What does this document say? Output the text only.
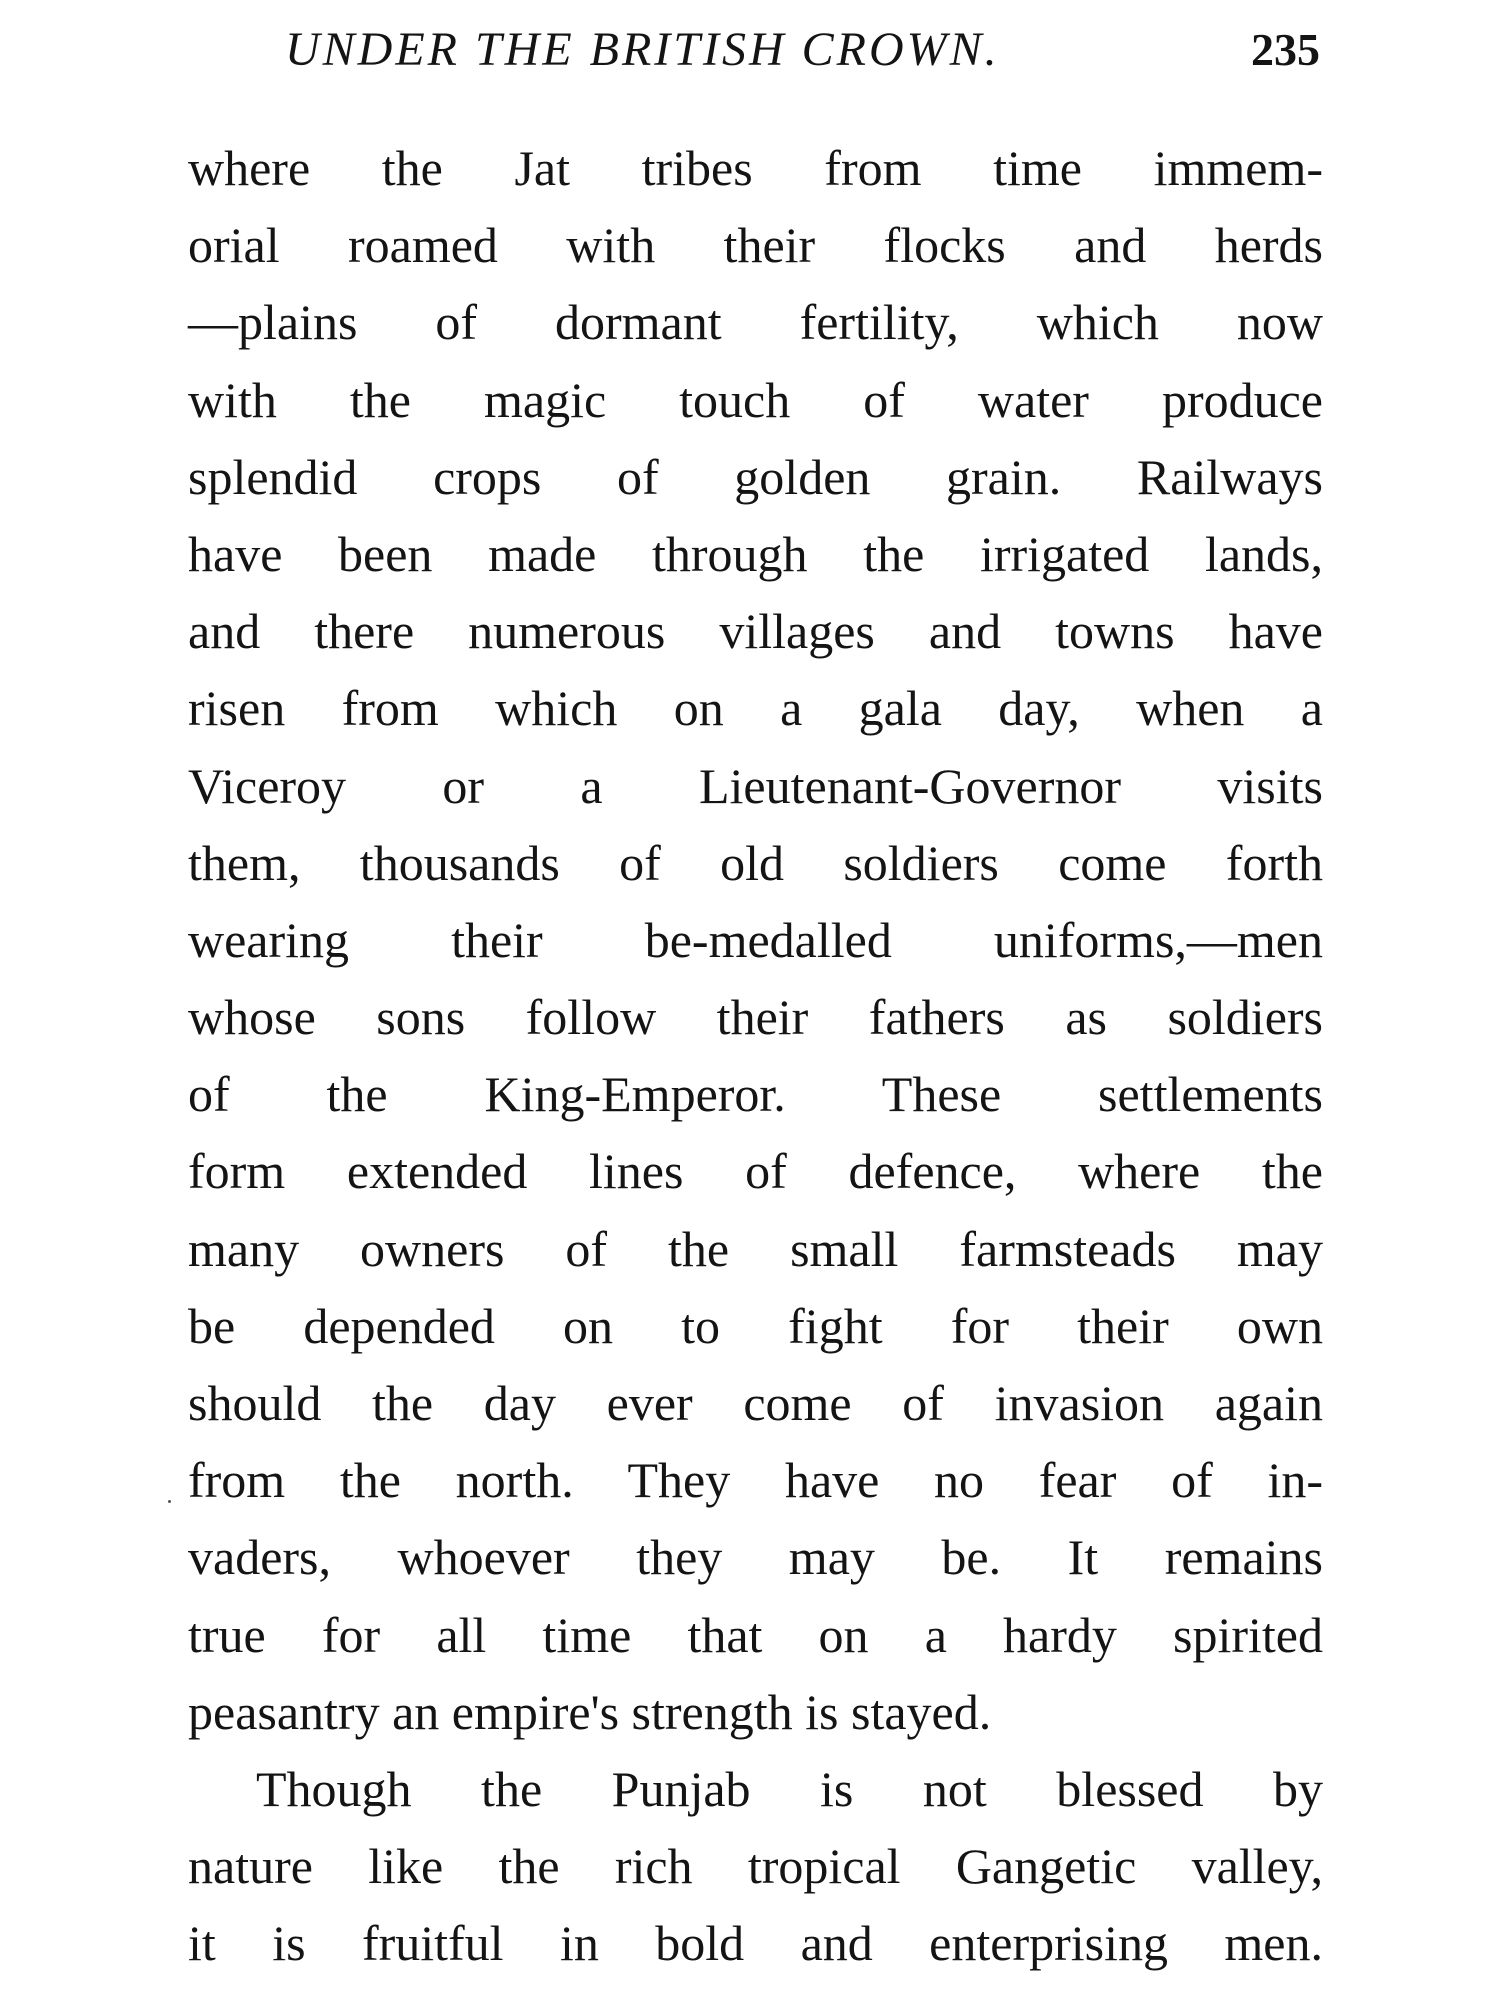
UNDER THE BRITISH CROWN.	235
where the Jat tribes from time immem-
orial roamed with their flocks and herds
—plains of dormant fertility, which now
with the magic touch of water produce
splendid crops of golden grain. Railways
have been made through the irrigated lands,
and there numerous villages and towns have
risen from which on a gala day, when a
Viceroy or a Lieutenant-Governor visits
them, thousands of old soldiers come forth
wearing their be-medalled uniforms,—men
whose sons follow their fathers as soldiers
of the King-Emperor. These settlements
form extended lines of defence, where the
many owners of the small farmsteads may
be depended on to fight for their own
should the day ever come of invasion again
from the north. They have no fear of in-
vaders, whoever they may be. It remains
true for all time that on a hardy spirited
peasantry an empire's strength is stayed.
Though the Punjab is not blessed by
nature like the rich tropical Gangetic valley,
it is fruitful in bold and enterprising men.
